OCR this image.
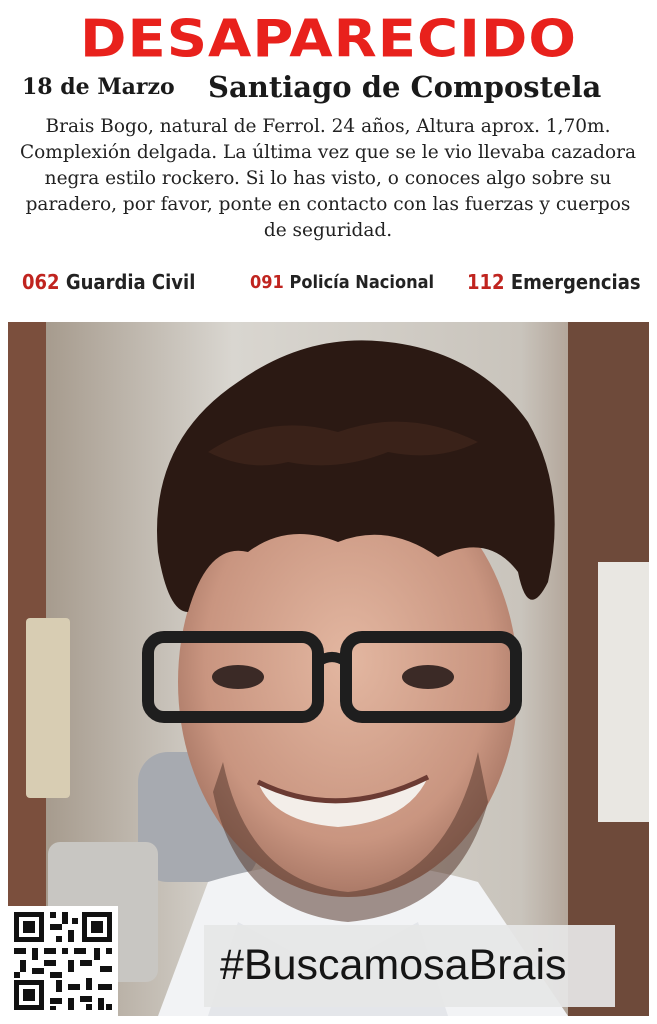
DESAPARECIDO
18 de Marzo Santiago de Compostela
Brais Bogo, natural de Ferrol. 24 años, Altura aprox. 1,70m. Complexión delgada. La última vez que se le vio llevaba cazadora negra estilo rockero. Si lo has visto, o conoces algo sobre su paradero, por favor, ponte en contacto con las fuerzas y cuerpos de seguridad.
062 Guardia Civil	091 Policía Nacional 112 Emergencias
#BuscamosaBrais
